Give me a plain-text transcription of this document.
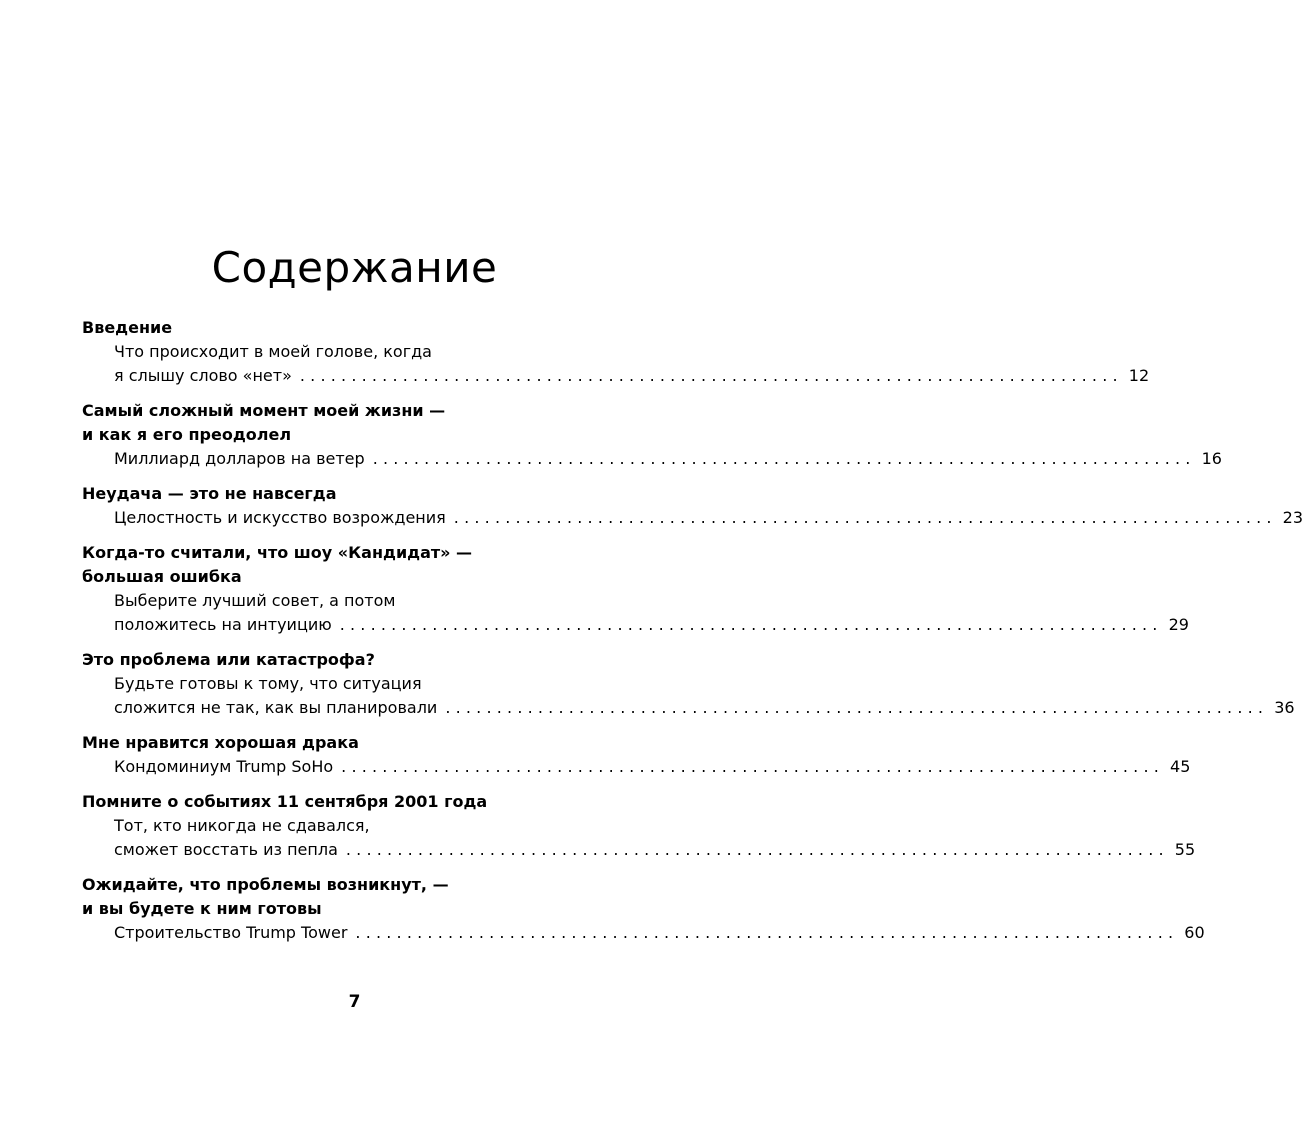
Содержание
Введение
Что происходит в моей голове, когда
я слышу слово «нет» ................................................................................ 12
Самый сложный момент моей жизни —
и как я его преодолел
Миллиард долларов на ветер ................................................................................ 16
Неудача — это не навсегда
Целостность и искусство возрождения ................................................................................ 23
Когда-то считали, что шоу «Кандидат» —
большая ошибка
Выберите лучший совет, а потом
положитесь на интуицию ................................................................................ 29
Это проблема или катастрофа?
Будьте готовы к тому, что ситуация
сложится не так, как вы планировали ................................................................................ 36
Мне нравится хорошая драка
Кондоминиум Trump SoHo ................................................................................ 45
Помните о событиях 11 сентября 2001 года
Тот, кто никогда не сдавался,
сможет восстать из пепла ................................................................................ 55
Ожидайте, что проблемы возникнут, —
и вы будете к ним готовы
Строительство Trump Tower ................................................................................ 60
7
